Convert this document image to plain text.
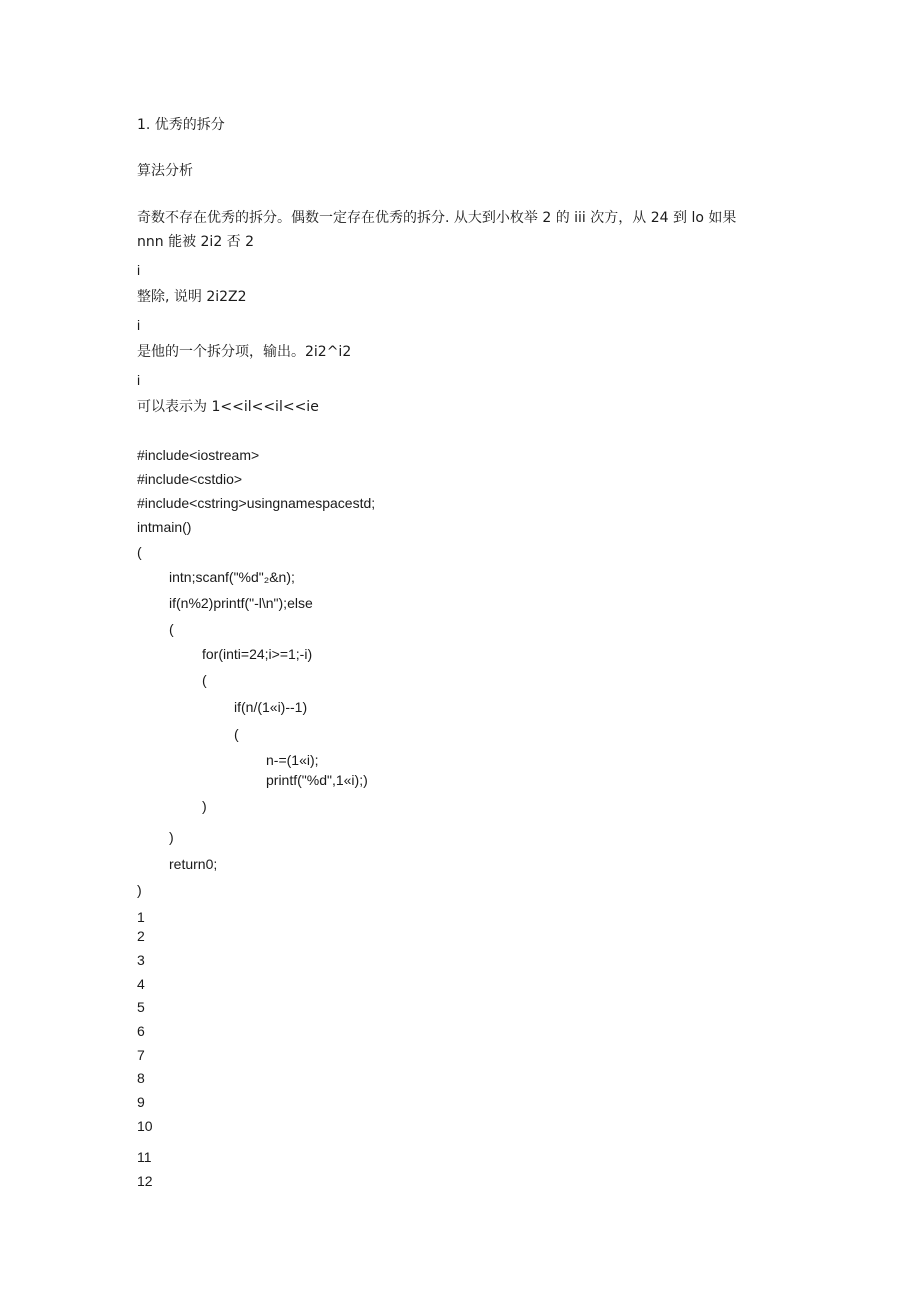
1. 优秀的拆分
算法分析
奇数不存在优秀的拆分。偶数一定存在优秀的拆分. 从大到小枚举 2 的 iii 次方，从 24 到 lo 如果
nnn 能被 2i2 否 2
i
整除, 说明 2i2Z2
i
是他的一个拆分项，输出。2i2^i2
i
可以表示为 1<<il<<il<<ie
#include<iostream>
#include<cstdio>
#include<cstring>usingnamespacestd;
intmain()
(
intn;scanf("%d"₂&n);
if(n%2)printf("-l\n");else
(
for(inti=24;i>=1;-i)
(
if(n/(1«i)--1)
(
n-=(1«i);
printf("%d",1«i);)
)
)
return0;
)
1
2
3
4
5
6
7
8
9
10
11
12
